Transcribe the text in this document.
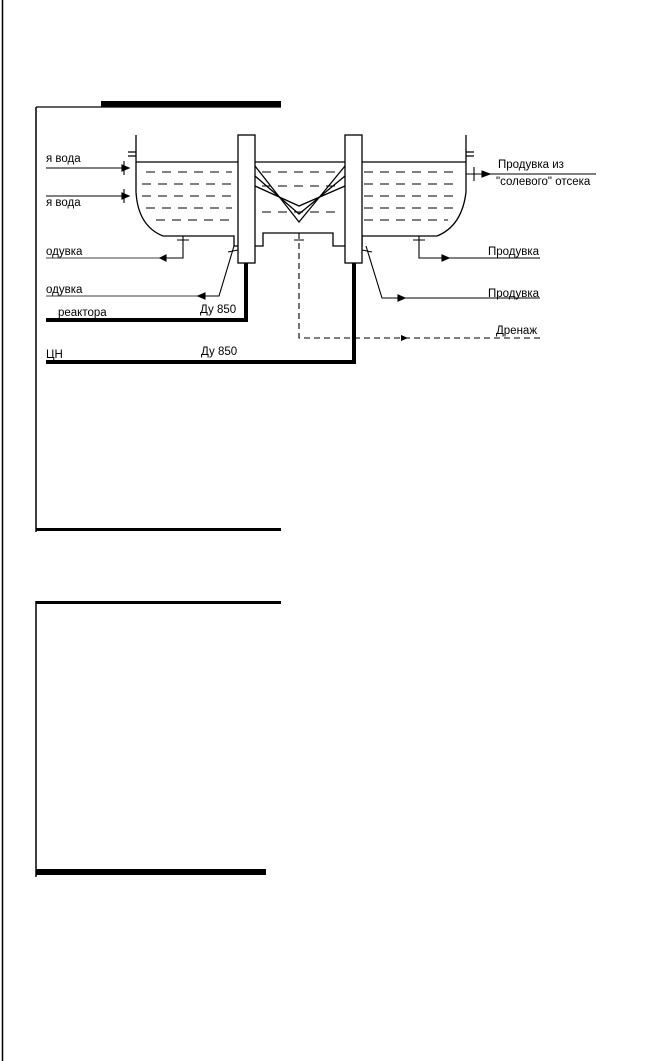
я вода
я вода
одувка
одувка
реактора
ЦН
Ду 850
Ду 850
Продувка из
"солевого" отсека
Продувка
Продувка
Дренаж
